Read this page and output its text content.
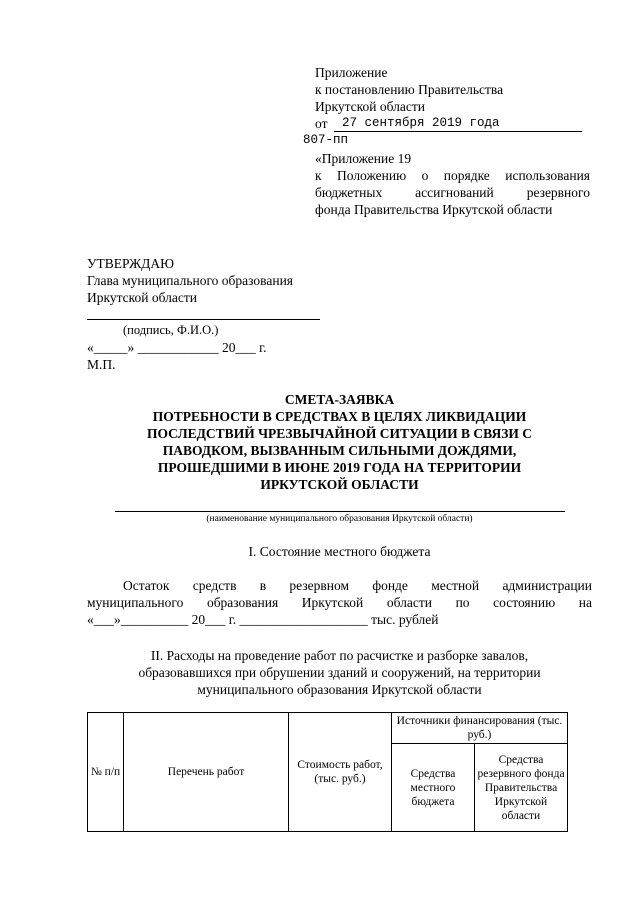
Приложение
к постановлению Правительства
Иркутской области
от 27 сентября 2019 года
807-пп
«Приложение 19
к Положению о порядке использования
бюджетных ассигнований резервного
фонда Правительства Иркутской области
УТВЕРЖДАЮ
Глава муниципального образования
Иркутской области
(подпись, Ф.И.О.)
«_____» ____________ 20___ г.
М.П.
СМЕТА-ЗАЯВКА
ПОТРЕБНОСТИ В СРЕДСТВАХ В ЦЕЛЯХ ЛИКВИДАЦИИ
ПОСЛЕДСТВИЙ ЧРЕЗВЫЧАЙНОЙ СИТУАЦИИ В СВЯЗИ С
ПАВОДКОМ, ВЫЗВАННЫМ СИЛЬНЫМИ ДОЖДЯМИ,
ПРОШЕДШИМИ В ИЮНЕ 2019 ГОДА НА ТЕРРИТОРИИ
ИРКУТСКОЙ ОБЛАСТИ
(наименование муниципального образования Иркутской области)
I. Состояние местного бюджета
Остаток средств в резервном фонде местной администрации
муниципального образования Иркутской области по состоянию на
«___»__________ 20___ г. ___________________ тыс. рублей
II. Расходы на проведение работ по расчистке и разборке завалов,
образовавшихся при обрушении зданий и сооружений, на территории
муниципального образования Иркутской области
№ п/п	Перечень работ	Стоимость работ, (тыс. руб.)	Источники финансирования (тыс. руб.)	
			Средства местного бюджета	Средства резервного фонда Правительства Иркутской области
